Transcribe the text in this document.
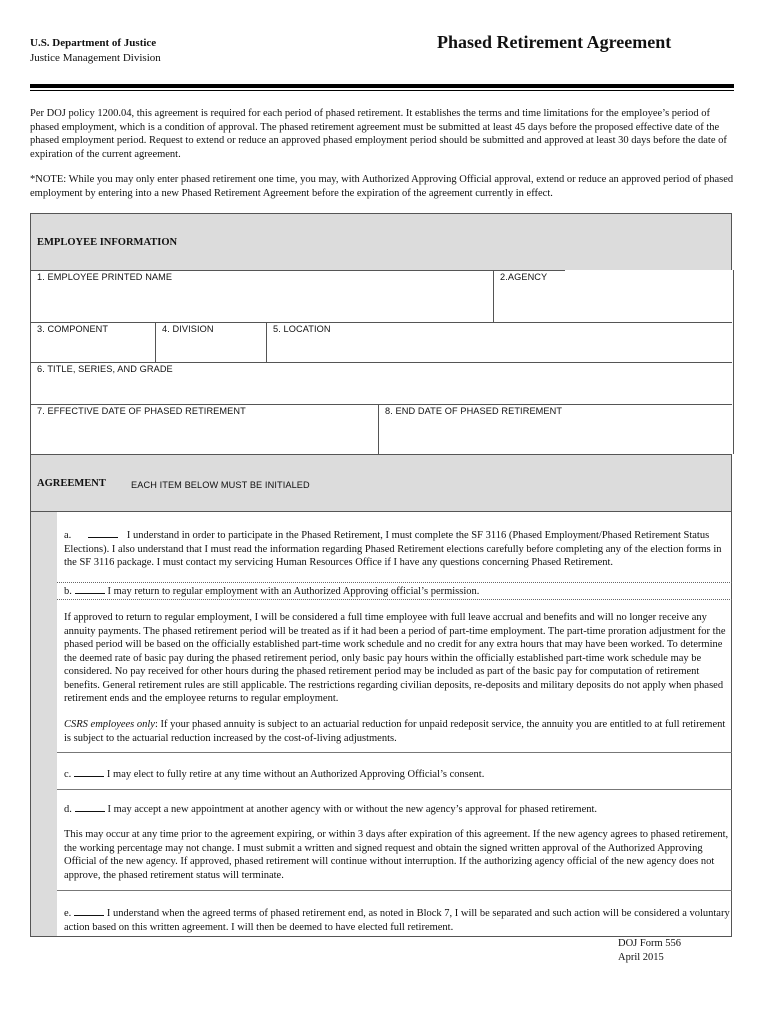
U.S. Department of Justice
Justice Management Division
Phased Retirement Agreement
Per DOJ policy 1200.04, this agreement is required for each period of phased retirement. It establishes the terms and time limitations for the employee’s period of phased employment, which is a condition of approval. The phased retirement agreement must be submitted at least 45 days before the proposed effective date of the phased employment period. Request to extend or reduce an approved phased employment period should be submitted and approved at least 30 days before the date of expiration of the current agreement.
*NOTE: While you may only enter phased retirement one time, you may, with Authorized Approving Official approval, extend or reduce an approved period of phased employment by entering into a new Phased Retirement Agreement before the expiration of the agreement currently in effect.
EMPLOYEE INFORMATION
1. EMPLOYEE PRINTED NAME	2.AGENCY
3. COMPONENT	4. DIVISION	5. LOCATION
6. TITLE, SERIES, AND GRADE
7. EFFECTIVE DATE OF PHASED RETIREMENT	8. END DATE OF PHASED RETIREMENT
AGREEMENT	EACH ITEM BELOW MUST BE INITIALED
a.	I understand in order to participate in the Phased Retirement, I must complete the SF 3116 (Phased Employment/Phased Retirement Status Elections). I also understand that I must read the information regarding Phased Retirement elections carefully before completing any of the election forms in the SF 3116 package. I must contact my servicing Human Resources Office if I have any questions concerning Phased Retirement.
b.	I may return to regular employment with an Authorized Approving official’s permission.
If approved to return to regular employment, I will be considered a full time employee with full leave accrual and benefits and will no longer receive any annuity payments. The phased retirement period will be treated as if it had been a period of part-time employment. The part-time proration adjustment for the phased period will be based on the officially established part-time work schedule and no credit for any extra hours that may have been worked. To determine the deemed rate of basic pay during the phased retirement period, only basic pay hours within the officially established part-time work schedule may be considered. No pay received for other hours during the phased retirement period may be included as part of the basic pay for computation of retirement benefits. General retirement rules are still applicable. The restrictions regarding civilian deposits, re-deposits and military deposits do not apply when phased retirement ends and the employee returns to regular employment.
CSRS employees only: If your phased annuity is subject to an actuarial reduction for unpaid redeposit service, the annuity you are entitled to at full retirement is subject to the actuarial reduction increased by the cost-of-living adjustments.
c.	I may elect to fully retire at any time without an Authorized Approving Official’s consent.
d.	I may accept a new appointment at another agency with or without the new agency’s approval for phased retirement.
This may occur at any time prior to the agreement expiring, or within 3 days after expiration of this agreement. If the new agency agrees to phased retirement, the working percentage may not change. I must submit a written and signed request and obtain the signed written approval of the Authorized Approving Official of the new agency. If approved, phased retirement will continue without interruption. If the authorizing agency official of the new agency does not approve, the phased retirement status will terminate.
e.	I understand when the agreed terms of phased retirement end, as noted in Block 7, I will be separated and such action will be considered a voluntary action based on this written agreement. I will then be deemed to have elected full retirement.
DOJ Form 556
April 2015
